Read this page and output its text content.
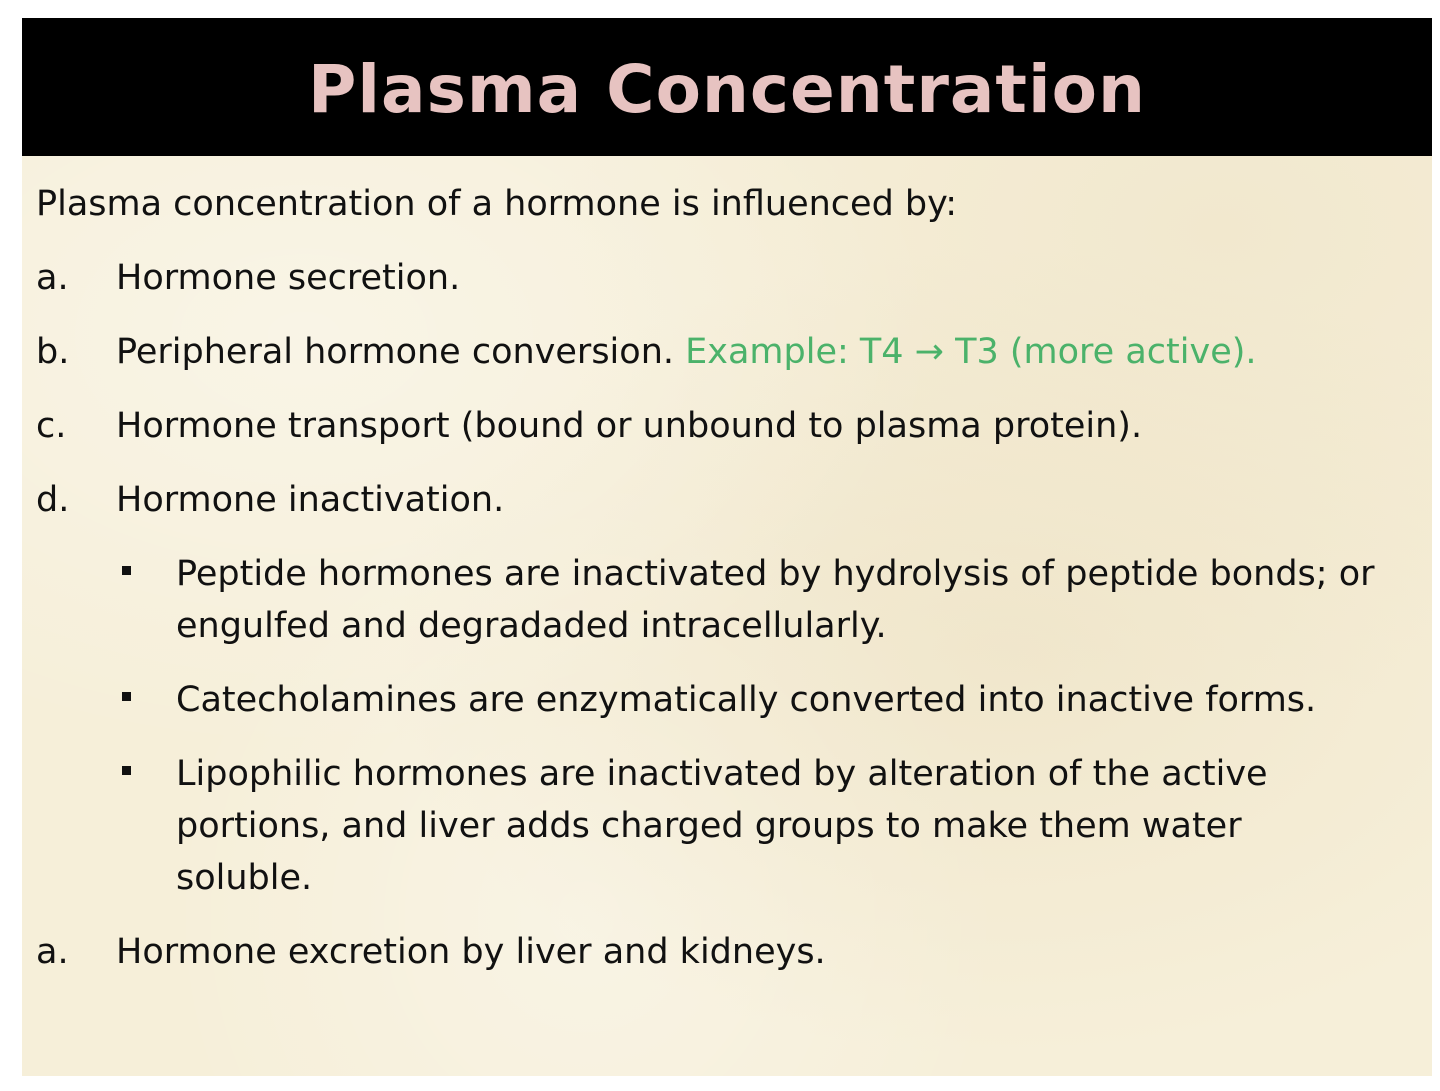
Plasma Concentration

Plasma concentration of a hormone is influenced by:

a. Hormone secretion.
b. Peripheral hormone conversion. Example: T4 → T3 (more active).
c. Hormone transport (bound or unbound to plasma protein).
d. Hormone inactivation.
Peptide hormones are inactivated by hydrolysis of peptide bonds; or engulfed and degradaded intracellularly.
Catecholamines are enzymatically converted into inactive forms.
Lipophilic hormones are inactivated by alteration of the active portions, and liver adds charged groups to make them water soluble.
a. Hormone excretion by liver and kidneys.
